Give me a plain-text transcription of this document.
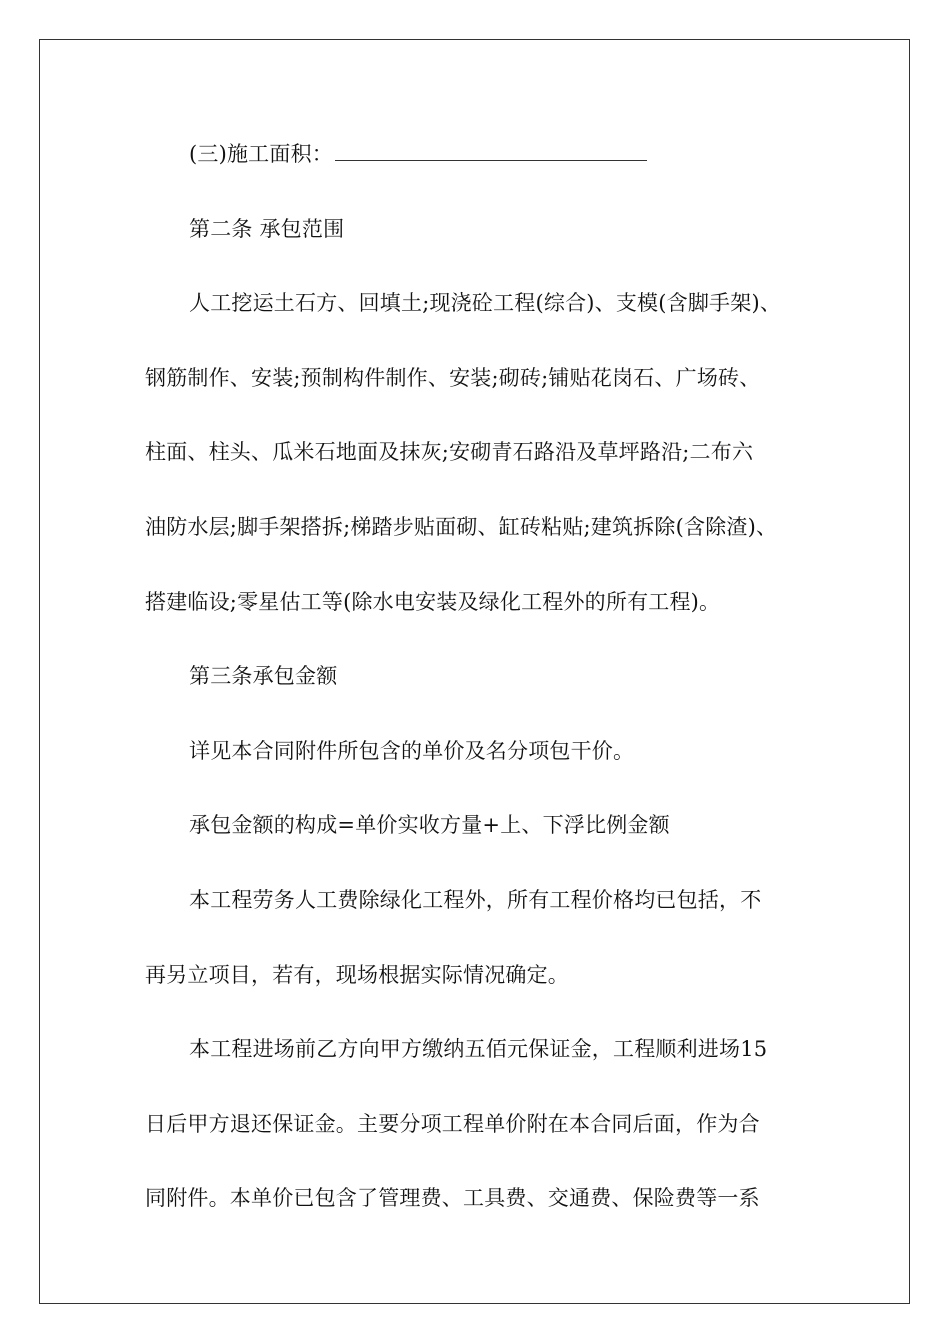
(三)施工面积：
第二条 承包范围
人工挖运土石方、回填土;现浇砼工程(综合)、支模(含脚手架)、
钢筋制作、安装;预制构件制作、安装;砌砖;铺贴花岗石、广场砖、
柱面、柱头、瓜米石地面及抹灰;安砌青石路沿及草坪路沿;二布六
油防水层;脚手架搭拆;梯踏步贴面砌、缸砖粘贴;建筑拆除(含除渣)、
搭建临设;零星估工等(除水电安装及绿化工程外的所有工程)。
第三条承包金额
详见本合同附件所包含的单价及名分项包干价。
承包金额的构成=单价实收方量+上、下浮比例金额
本工程劳务人工费除绿化工程外，所有工程价格均已包括，不
再另立项目，若有，现场根据实际情况确定。
本工程进场前乙方向甲方缴纳五佰元保证金，工程顺利进场15
日后甲方退还保证金。主要分项工程单价附在本合同后面，作为合
同附件。本单价已包含了管理费、工具费、交通费、保险费等一系
